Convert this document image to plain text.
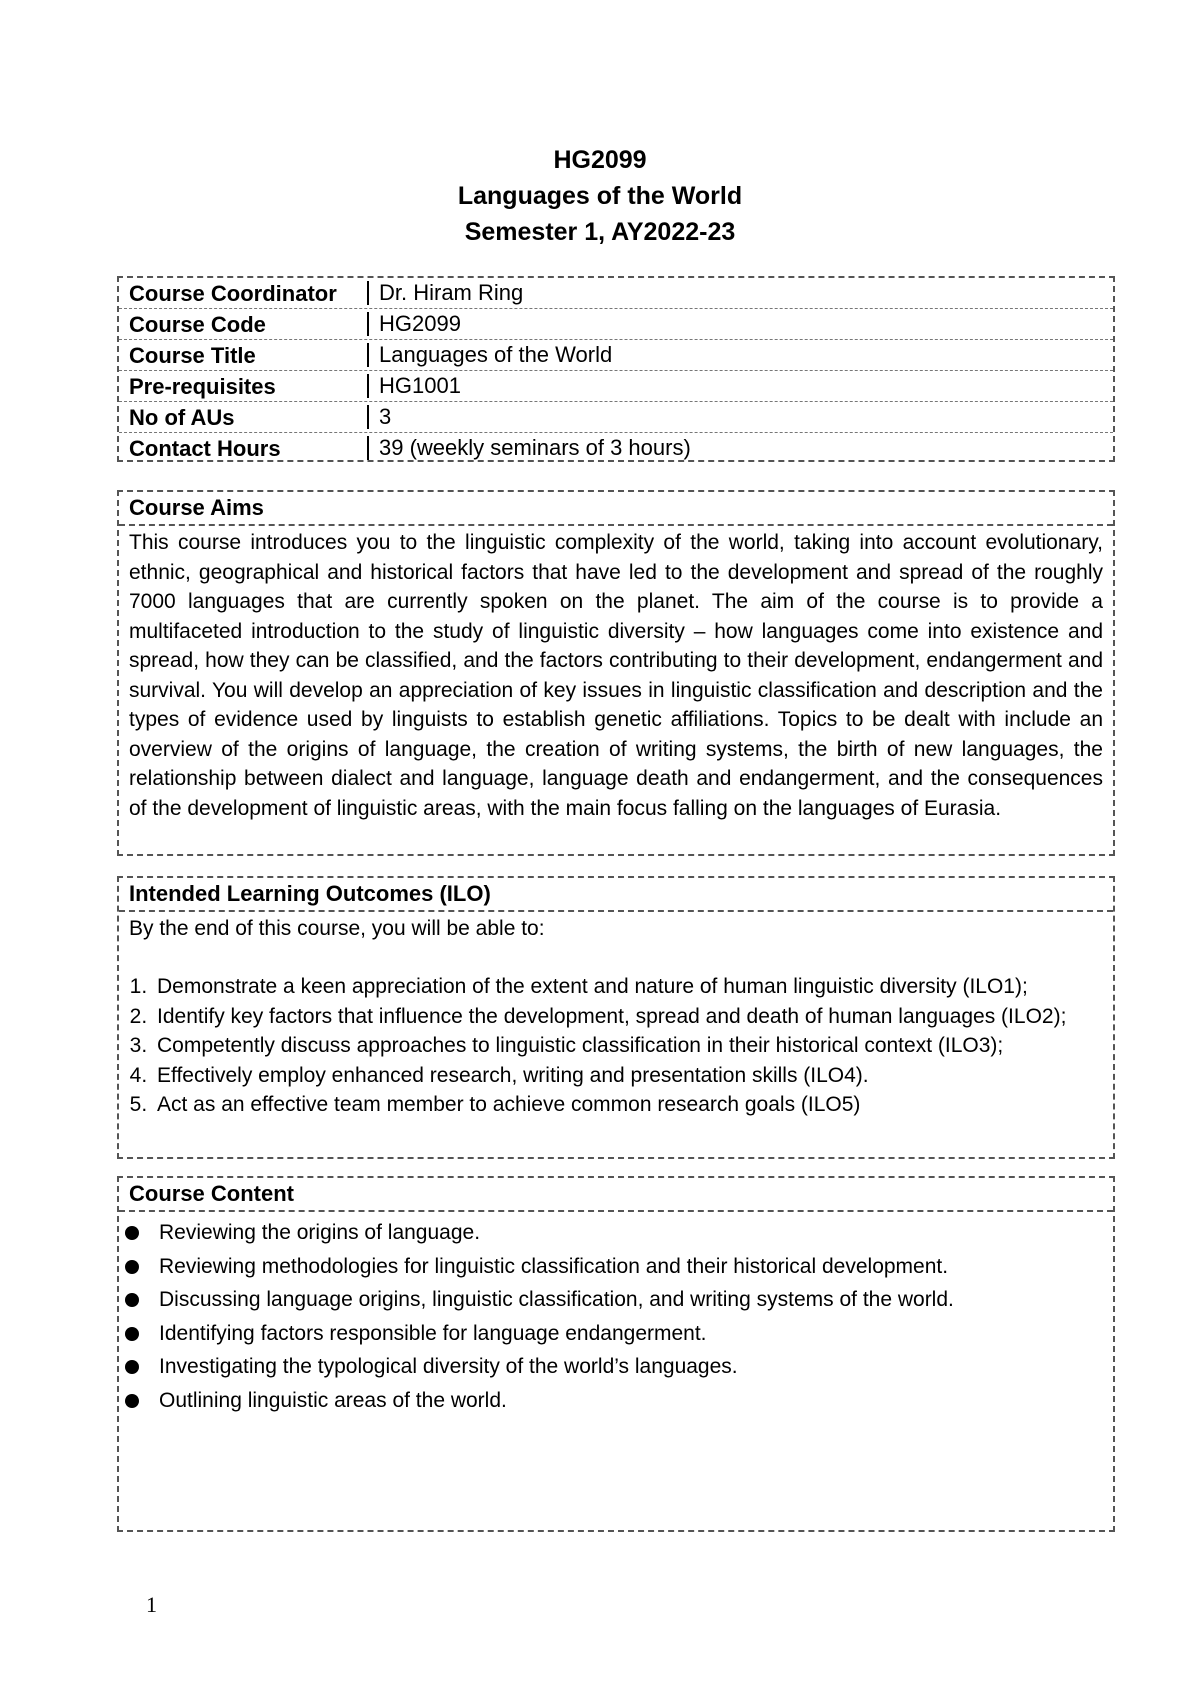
HG2099
Languages of the World
Semester 1, AY2022-23
Course Coordinator	Dr. Hiram Ring
Course Code	HG2099
Course Title	Languages of the World
Pre-requisites	HG1001
No of AUs	3
Contact Hours	39 (weekly seminars of 3 hours)
Course Aims

This course introduces you to the linguistic complexity of the world, taking into account evolutionary, ethnic, geographical and historical factors that have led to the development and spread of the roughly 7000 languages that are currently spoken on the planet. The aim of the course is to provide a multifaceted introduction to the study of linguistic diversity – how languages come into existence and spread, how they can be classified, and the factors contributing to their development, endangerment and survival. You will develop an appreciation of key issues in linguistic classification and description and the types of evidence used by linguists to establish genetic affiliations. Topics to be dealt with include an overview of the origins of language, the creation of writing systems, the birth of new languages, the relationship between dialect and language, language death and endangerment, and the consequences of the development of linguistic areas, with the main focus falling on the languages of Eurasia.

Intended Learning Outcomes (ILO)
By the end of this course, you will be able to:
1. Demonstrate a keen appreciation of the extent and nature of human linguistic diversity (ILO1);
2. Identify key factors that influence the development, spread and death of human languages (ILO2);
3. Competently discuss approaches to linguistic classification in their historical context (ILO3);
4. Effectively employ enhanced research, writing and presentation skills (ILO4).
5. Act as an effective team member to achieve common research goals (ILO5)
Course Content
Reviewing the origins of language.
Reviewing methodologies for linguistic classification and their historical development.
Discussing language origins, linguistic classification, and writing systems of the world.
Identifying factors responsible for language endangerment.
Investigating the typological diversity of the world’s languages.
Outlining linguistic areas of the world.
1
